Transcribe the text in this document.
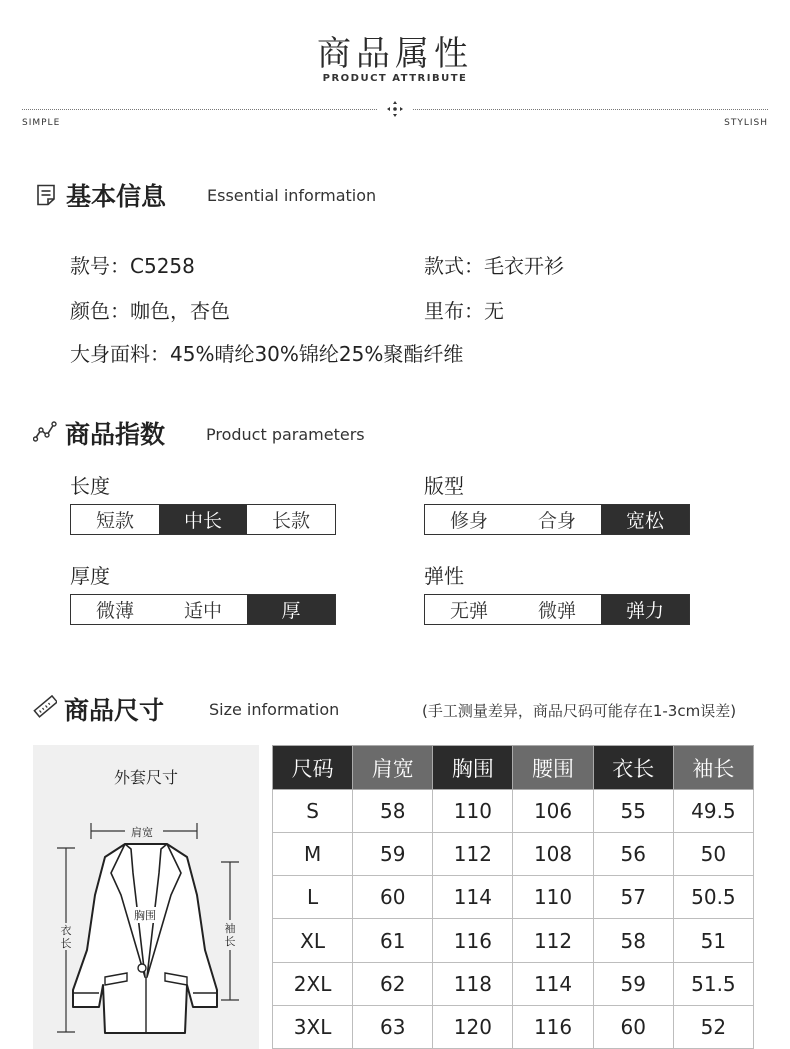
商品属性
PRODUCT ATTRIBUTE
SIMPLE	STYLISH
基本信息	Essential information
款号：C5258	款式：毛衣开衫
颜色：咖色，杏色	里布：无
大身面料：45%晴纶30%锦纶25%聚酯纤维
商品指数	Product parameters
长度
短款	中长	长款
版型
修身	合身	宽松
厚度
微薄	适中	厚
弹性
无弹	微弹	弹力
商品尺寸	Size information	(手工测量差异，商品尺码可能存在1-3cm误差)
外套尺寸
肩宽
胸围
衣长
袖长
尺码	肩宽	胸围	腰围	衣长	袖长
S	58	110	106	55	49.5
M	59	112	108	56	50
L	60	114	110	57	50.5
XL	61	116	112	58	51
2XL	62	118	114	59	51.5
3XL	63	120	116	60	52
